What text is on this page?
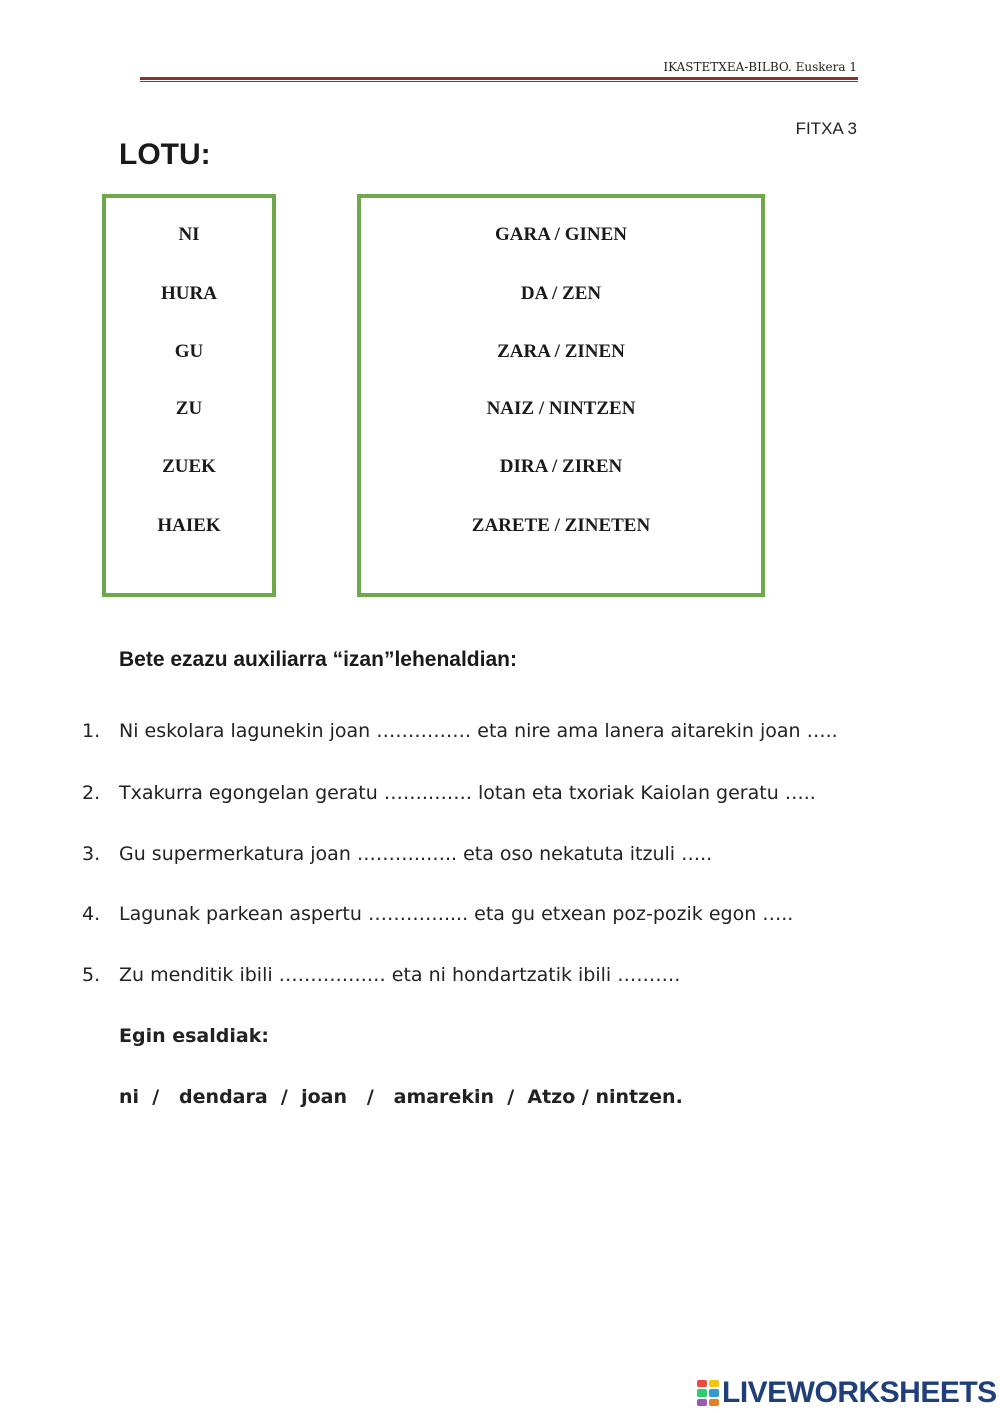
IKASTETXEA-BILBO. Euskera 1
FITXA 3
LOTU:
NI
HURA
GU
ZU
ZUEK
HAIEK
GARA / GINEN
DA / ZEN
ZARA / ZINEN
NAIZ / NINTZEN
DIRA / ZIREN
ZARETE / ZINETEN
Bete ezazu auxiliarra “izan”lehenaldian:
1. Ni eskolara lagunekin joan …………… eta nire ama lanera aitarekin joan …..
2. Txakurra egongelan geratu …….……. lotan eta txoriak Kaiolan geratu …..
3. Gu supermerkatura joan ………..….. eta oso nekatuta itzuli …..
4. Lagunak parkean aspertu ………….... eta gu etxean poz-pozik egon …..
5. Zu menditik ibili ……….….… eta ni hondartzatik ibili ……….
Egin esaldiak:
ni  /   dendara  /  joan   /   amarekin  /  Atzo / nintzen.
LIVEWORKSHEETS
